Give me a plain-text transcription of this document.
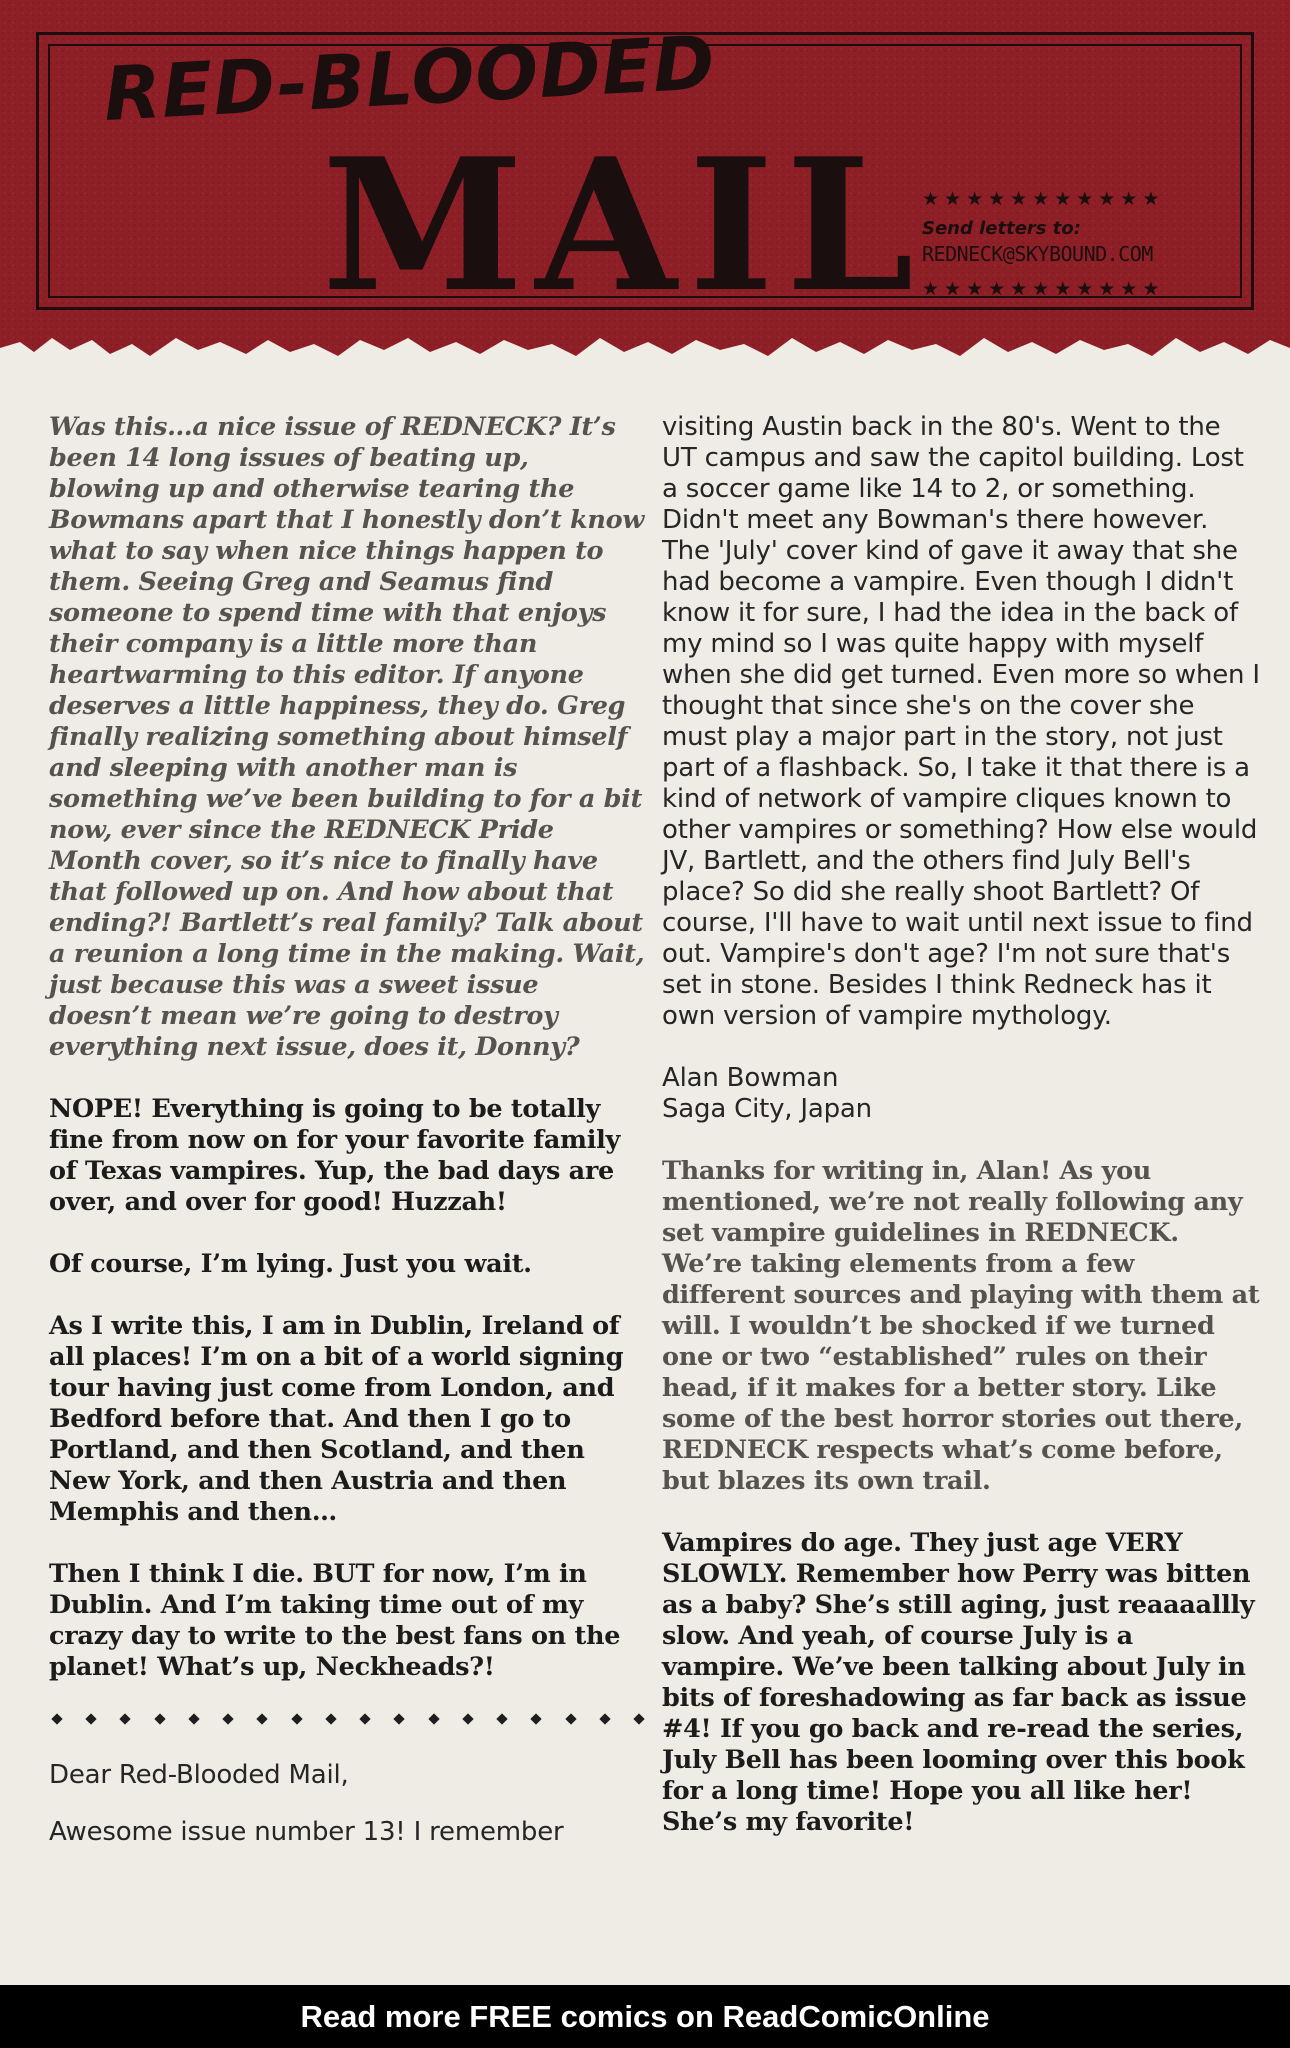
RED-BLOODED
MAIL
★★★★★★★★★★★
Send letters to:
REDNECK@SKYBOUND.COM
★★★★★★★★★★★

Was this…a nice issue of REDNECK? It’s been 14 long issues of beating up, blowing up and otherwise tearing the Bowmans apart that I honestly don’t know what to say when nice things happen to them. Seeing Greg and Seamus find someone to spend time with that enjoys their company is a little more than heartwarming to this editor. If anyone deserves a little happiness, they do. Greg finally realizing something about himself and sleeping with another man is something we’ve been building to for a bit now, ever since the REDNECK Pride Month cover, so it’s nice to finally have that followed up on. And how about that ending?! Bartlett’s real family? Talk about a reunion a long time in the making. Wait, just because this was a sweet issue doesn’t mean we’re going to destroy everything next issue, does it, Donny?

NOPE! Everything is going to be totally fine from now on for your favorite family of Texas vampires. Yup, the bad days are over, and over for good! Huzzah!

Of course, I’m lying. Just you wait.

As I write this, I am in Dublin, Ireland of all places! I’m on a bit of a world signing tour having just come from London, and Bedford before that. And then I go to Portland, and then Scotland, and then New York, and then Austria and then Memphis and then…

Then I think I die. BUT for now, I’m in Dublin. And I’m taking time out of my crazy day to write to the best fans on the planet! What’s up, Neckheads?!

Dear Red-Blooded Mail,

Awesome issue number 13! I remember

visiting Austin back in the 80's. Went to the UT campus and saw the capitol building. Lost a soccer game like 14 to 2, or something. Didn't meet any Bowman's there however. The 'July' cover kind of gave it away that she had become a vampire. Even though I didn't know it for sure, I had the idea in the back of my mind so I was quite happy with myself when she did get turned. Even more so when I thought that since she's on the cover she must play a major part in the story, not just part of a flashback. So, I take it that there is a kind of network of vampire cliques known to other vampires or something? How else would JV, Bartlett, and the others find July Bell's place? So did she really shoot Bartlett? Of course, I'll have to wait until next issue to find out. Vampire's don't age? I'm not sure that's set in stone. Besides I think Redneck has it own version of vampire mythology.

Alan Bowman

Saga City, Japan

Thanks for writing in, Alan! As you mentioned, we’re not really following any set vampire guidelines in REDNECK. We’re taking elements from a few different sources and playing with them at will. I wouldn’t be shocked if we turned one or two “established” rules on their head, if it makes for a better story. Like some of the best horror stories out there, REDNECK respects what’s come before, but blazes its own trail.

Vampires do age. They just age VERY SLOWLY. Remember how Perry was bitten as a baby? She’s still aging, just reaaaallly slow. And yeah, of course July is a vampire. We’ve been talking about July in bits of foreshadowing as far back as issue #4! If you go back and re-read the series, July Bell has been looming over this book for a long time! Hope you all like her! She’s my favorite!

Read more FREE comics on ReadComicOnline
